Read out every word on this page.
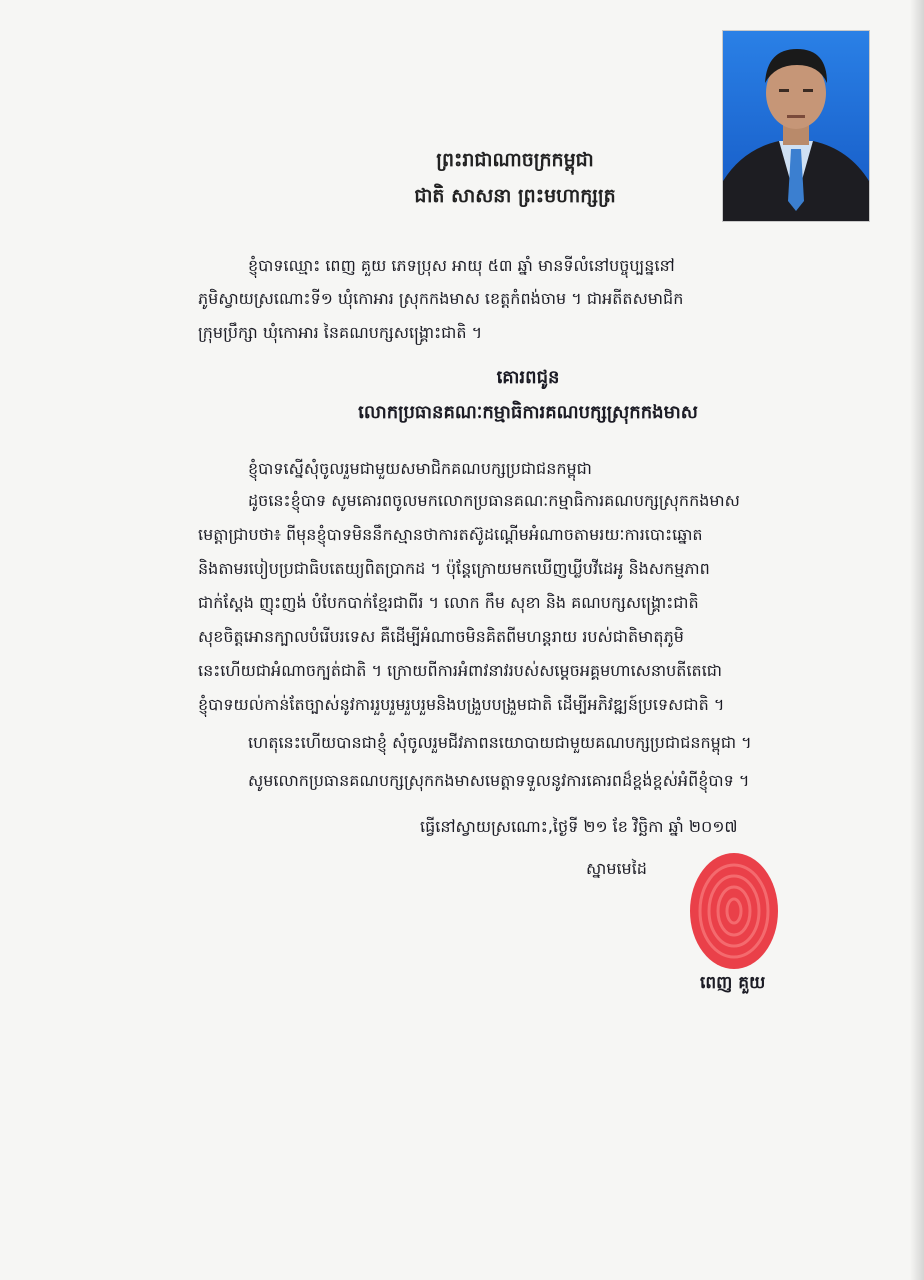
ព្រះរាជាណាចក្រកម្ពុជា
ជាតិ សាសនា ព្រះមហាក្សត្រ
ខ្ញុំបាទឈ្មោះ ពេញ គួយ ភេទប្រុស អាយុ ៥៣ ឆ្នាំ មានទីលំនៅបច្ចុប្បន្ននៅ
ភូមិស្វាយស្រណោះទី១ ឃុំកោអារ ស្រុកកងមាស ខេត្តកំពង់ចាម ។ ជាអតីតសមាជិក
ក្រុមប្រឹក្សា ឃុំកោអារ នៃគណបក្សសង្គ្រោះជាតិ ។
គោរពជូន
លោកប្រធានគណៈកម្មាធិការគណបក្សស្រុកកងមាស
ខ្ញុំបាទស្នើសុំចូលរួមជាមួយសមាជិកគណបក្សប្រជាជនកម្ពុជា
ដូចនេះខ្ញុំបាទ សូមគោរពចូលមកលោកប្រធានគណៈកម្មាធិការគណបក្សស្រុកកងមាស
មេត្តាជ្រាបថា៖ ពីមុនខ្ញុំបាទមិននឹកស្មានថាការតស៊ូដណ្តើមអំណាចតាមរយៈការបោះឆ្នោត
និងតាមរបៀបប្រជាធិបតេយ្យពិតប្រាកដ ។ ប៉ុន្តែក្រោយមកឃើញឃ្លីបវីដេអូ និងសកម្មភាព
ជាក់ស្តែង ញុះញង់ បំបែកបាក់ខ្មែរជាពីរ ។ លោក កឹម សុខា និង គណបក្សសង្គ្រោះជាតិ
សុខចិត្តអោនក្បាលបំរើបរទេស គឺដើម្បីអំណាចមិនគិតពីមហន្តរាយ របស់ជាតិមាតុភូមិ
នេះហើយជាអំណាចក្បត់ជាតិ ។ ក្រោយពីការអំពាវនាវរបស់សម្តេចអគ្គមហាសេនាបតីតេជោ
ខ្ញុំបាទយល់កាន់តែច្បាស់នូវការរួបរួមរួបរួមនិងបង្រួបបង្រួមជាតិ ដើម្បីអភិវឌ្ឍន៍ប្រទេសជាតិ ។
ហេតុនេះហើយបានជាខ្ញុំ សុំចូលរួមជីវភាពនយោបាយជាមួយគណបក្សប្រជាជនកម្ពុជា ។
សូមលោកប្រធានគណបក្សស្រុកកងមាសមេត្តាទទួលនូវការគោរពដ៏ខ្ពង់ខ្ពស់អំពីខ្ញុំបាទ ។
ធ្វើនៅស្វាយស្រណោះ,ថ្ងៃទី ២១ ខែ វិច្ឆិកា ឆ្នាំ ២០១៧
ស្នាមមេដៃ
ពេញ គួយ
